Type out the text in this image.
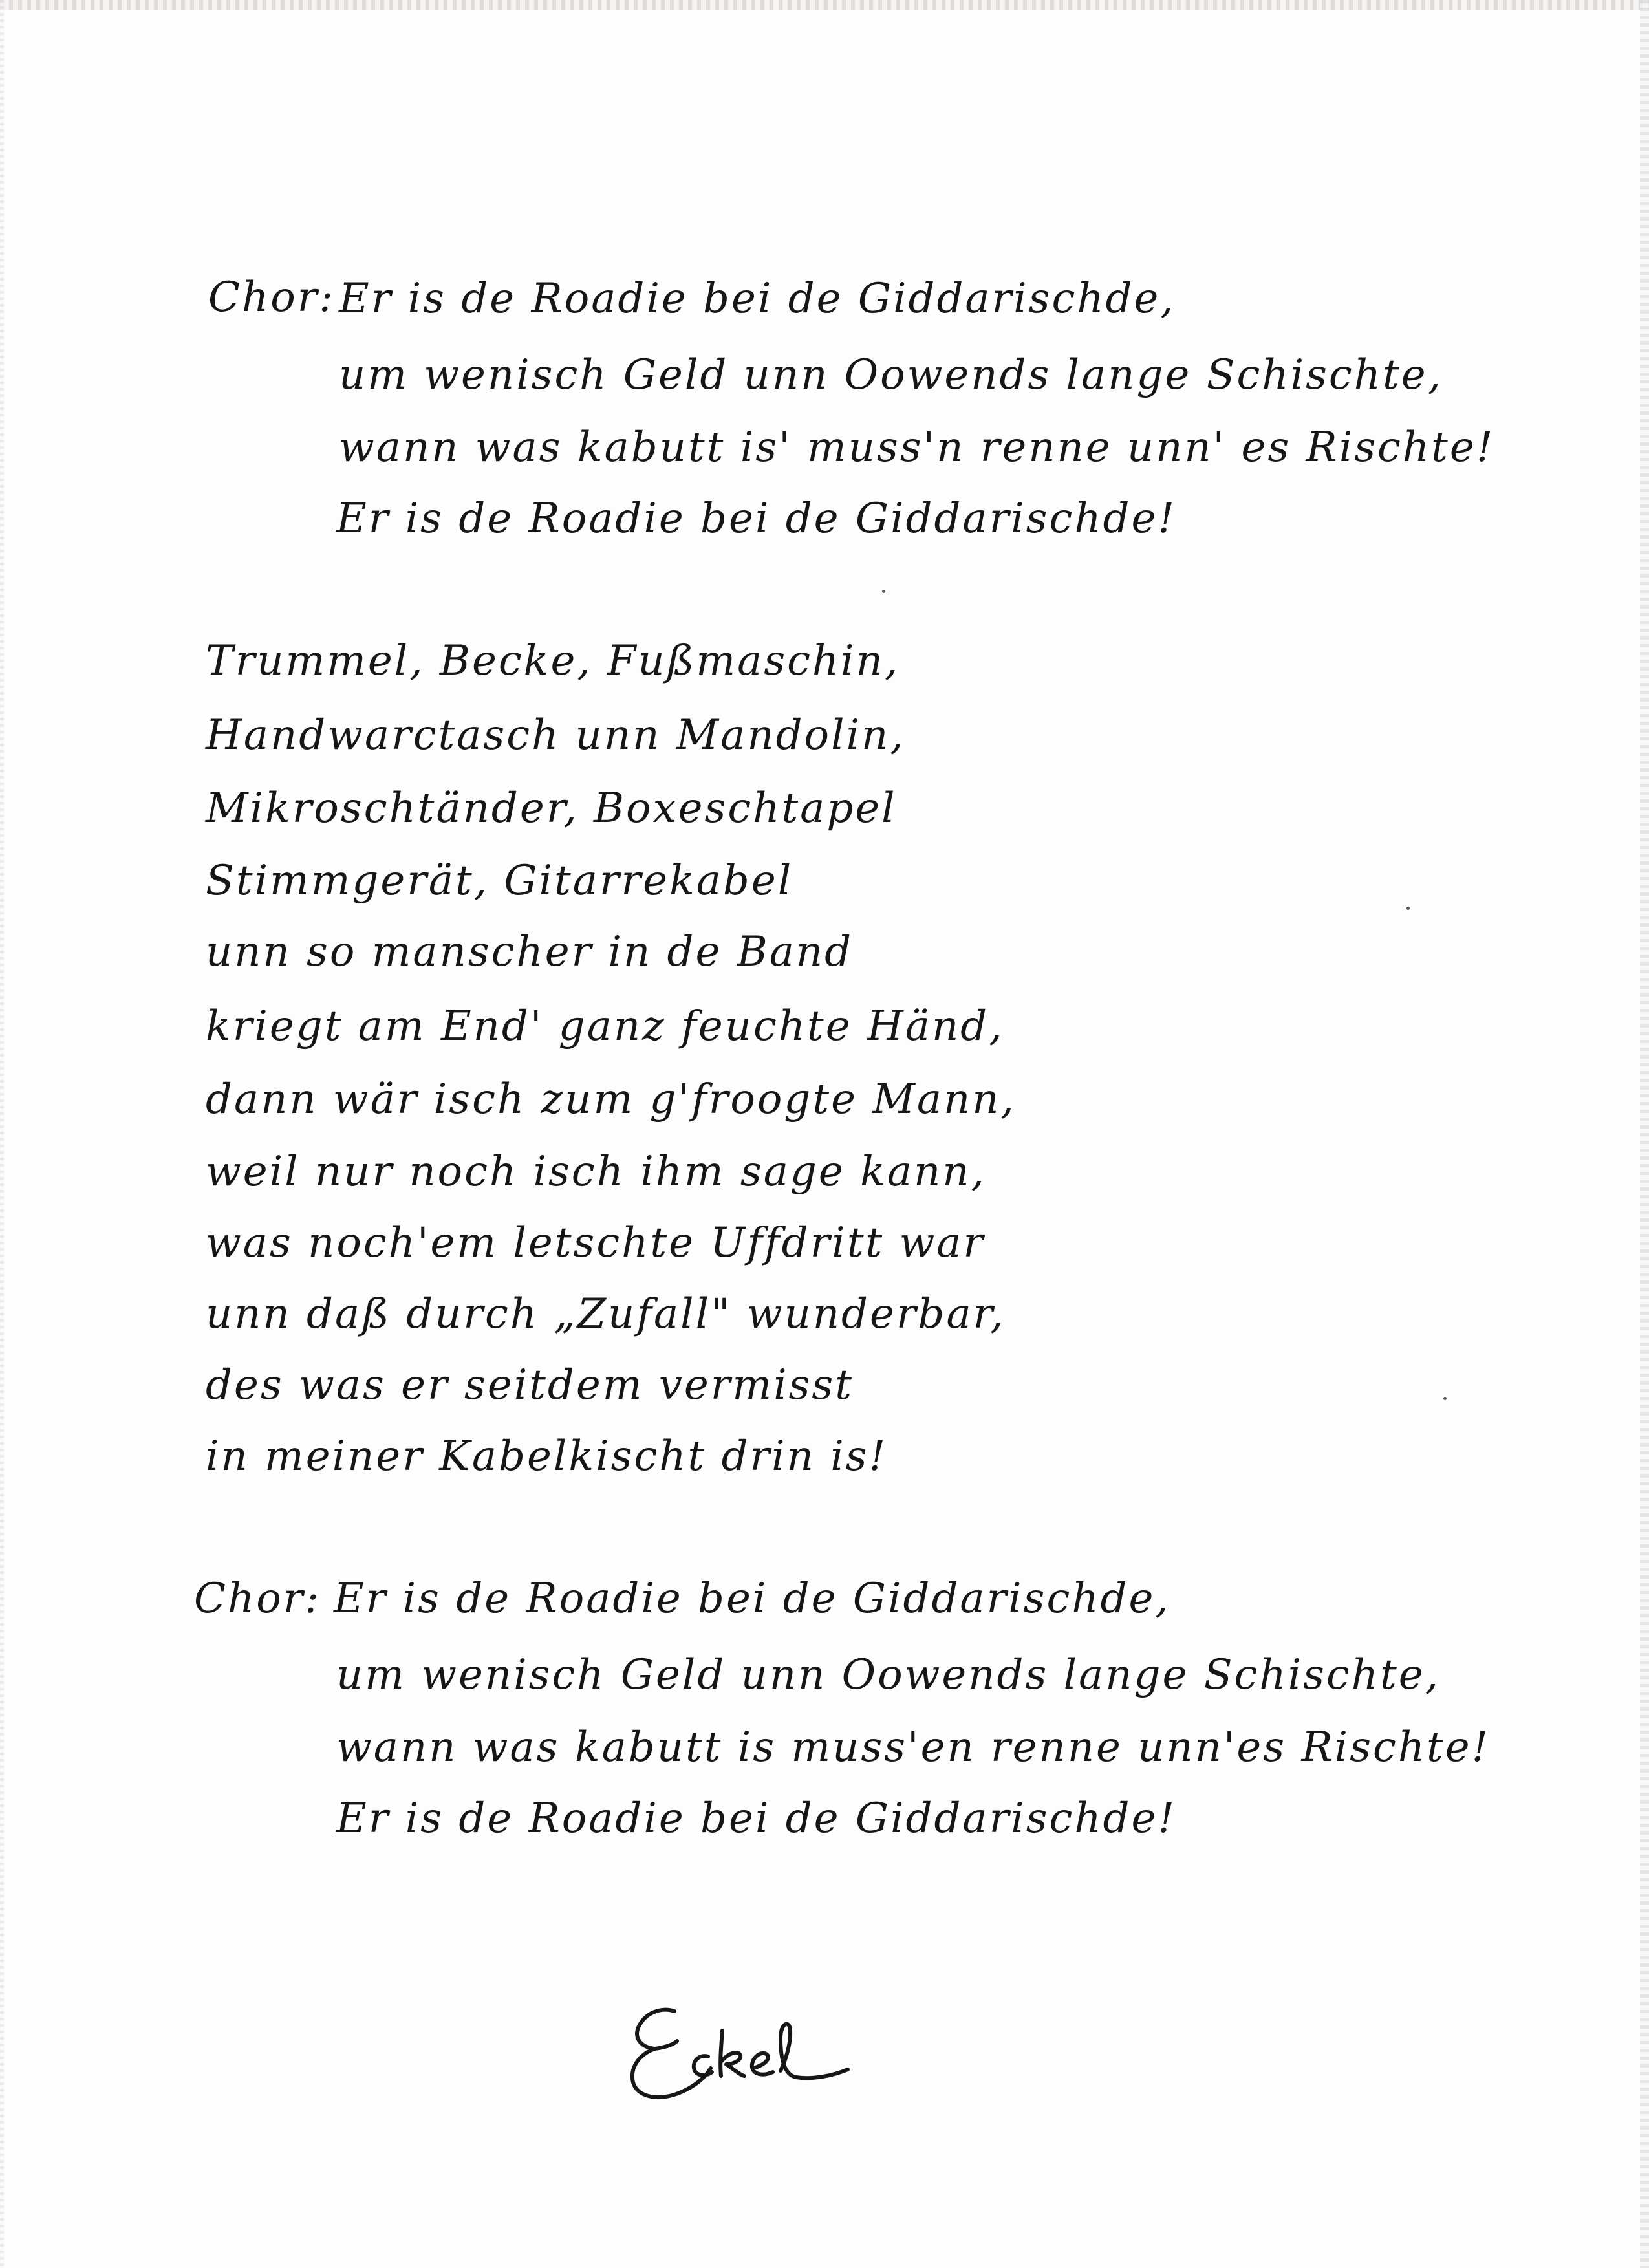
Chor: Er is de Roadie bei de Giddarischde,
um wenisch Geld unn Oowends lange Schischte,
wann was kabutt is' muss'n renne unn' es Rischte!
Er is de Roadie bei de Giddarischde!
Trummel, Becke, Fußmaschin,
Handwarctasch unn Mandolin,
Mikroschtänder, Boxeschtapel
Stimmgerät, Gitarrekabel
unn so manscher in de Band
kriegt am End' ganz feuchte Händ,
dann wär isch zum g'froogte Mann,
weil nur noch isch ihm sage kann,
was noch'em letschte Uffdritt war
unn daß durch „Zufall" wunderbar,
des was er seitdem vermisst
in meiner Kabelkischt drin is!
Chor: Er is de Roadie bei de Giddarischde,
um wenisch Geld unn Oowends lange Schischte,
wann was kabutt is muss'en renne unn'es Rischte!
Er is de Roadie bei de Giddarischde!
